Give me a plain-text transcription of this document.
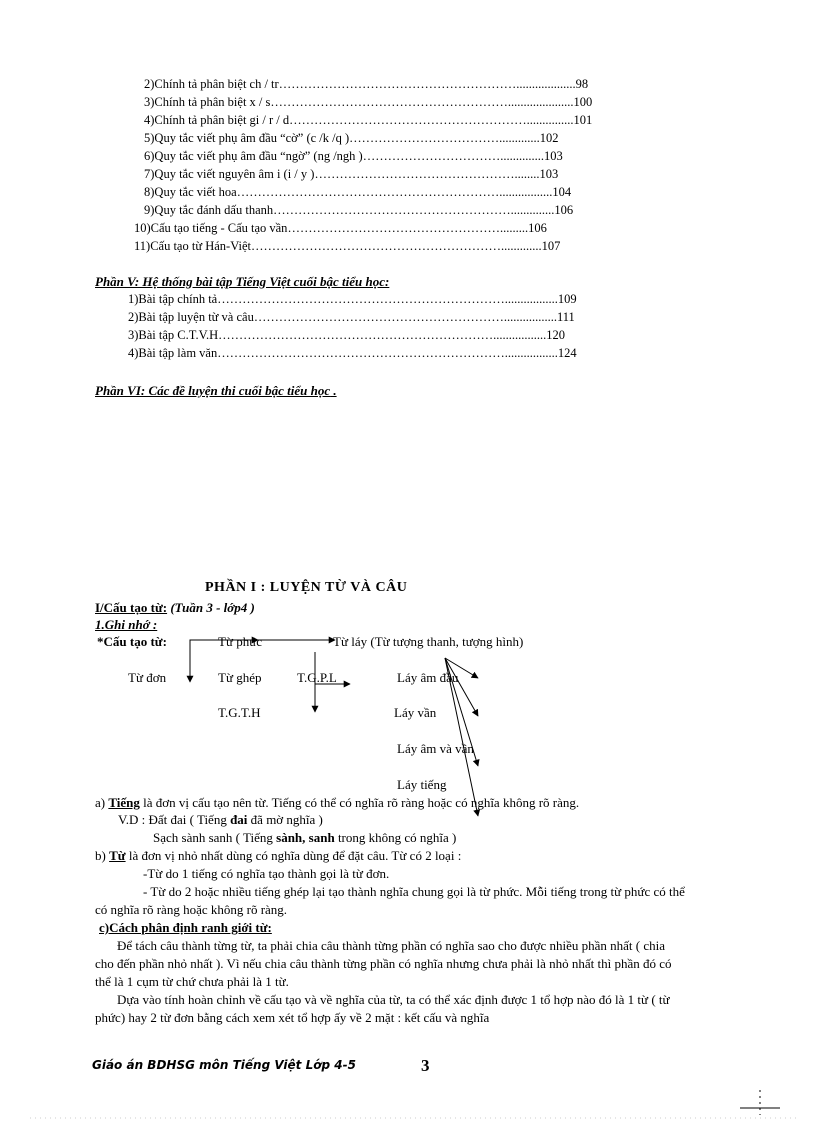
2)Chính tả phân biệt ch / tr…………………………………………………...................98
3)Chính tả phân biệt x / s………………………………………………….....................100
4)Chính tả phân biệt gi / r / d…………………………………………………...............101
5)Quy tắc viết phụ âm đầu “cờ” (c /k /q )……………………………….............102
6)Quy tắc viết phụ âm đầu “ngờ” (ng /ngh )……………………………..............103
7)Quy tắc viết nguyên âm i (i / y )…………………………………………........103
8)Quy tắc viết hoa……………………………………………………….................104
9)Quy tắc đánh dấu thanh…………………………………………………..............106
10)Cấu tạo tiếng - Cấu tạo vần…………………………………………….........106
11)Cấu tạo từ Hán-Việt…………………………………………………….............107
Phần V: Hệ thống bài tập Tiếng Việt cuối bậc tiểu học:
1)Bài tập chính tả…………………………………………………………….................109
2)Bài tập luyện từ và câu…………………………………………………….................111
3)Bài tập C.T.V.H………………………………………………………….................120
4)Bài tập làm văn…………………………………………………………….................124
Phần VI: Các đề luyện thi cuối bậc tiểu học .
PHẦN I : LUYỆN TỪ VÀ CÂU
I/Cấu tạo từ: (Tuần 3 - lớp4 )
1.Ghi nhớ :
*Cấu tạo từ:	Từ phức	Từ láy (Từ tượng thanh, tượng hình)
Từ đơn	Từ ghép	T.G.P.L
T.G.T.H
Láy âm đầu
Láy vần
Láy âm và vần
Láy tiếng
a) Tiếng là đơn vị cấu tạo nên từ. Tiếng có thể có nghĩa rõ ràng hoặc có nghĩa không rõ ràng.
V.D : Đất đai ( Tiếng đai đã mờ nghĩa )
Sạch sành sanh ( Tiếng sành, sanh trong không có nghĩa )
b) Từ là đơn vị nhỏ nhất dùng có nghĩa dùng để đặt câu. Từ có 2 loại :
-Từ do 1 tiếng có nghĩa tạo thành gọi là từ đơn.
- Từ do 2 hoặc nhiều tiếng ghép lại tạo thành nghĩa chung gọi là từ phức. Mỗi tiếng trong từ phức có thể
có nghĩa rõ ràng hoặc không rõ ràng.
c)Cách phân định ranh giới từ:
Để tách câu thành từng từ, ta phải chia câu thành từng phần có nghĩa sao cho được nhiều phần nhất ( chia
cho đến phần nhỏ nhất ). Vì nếu chia câu thành từng phần có nghĩa nhưng chưa phải là nhỏ nhất thì phần đó có
thể là 1 cụm từ chứ chưa phải là 1 từ.
Dựa vào tính hoàn chỉnh về cấu tạo và về nghĩa của từ, ta có thể xác định được 1 tổ hợp nào đó là 1 từ ( từ
phức) hay 2 từ đơn bằng cách xem xét tổ hợp ấy về 2 mặt : kết cấu và nghĩa
Giáo án BDHSG môn Tiếng Việt Lớp 4-5	3
